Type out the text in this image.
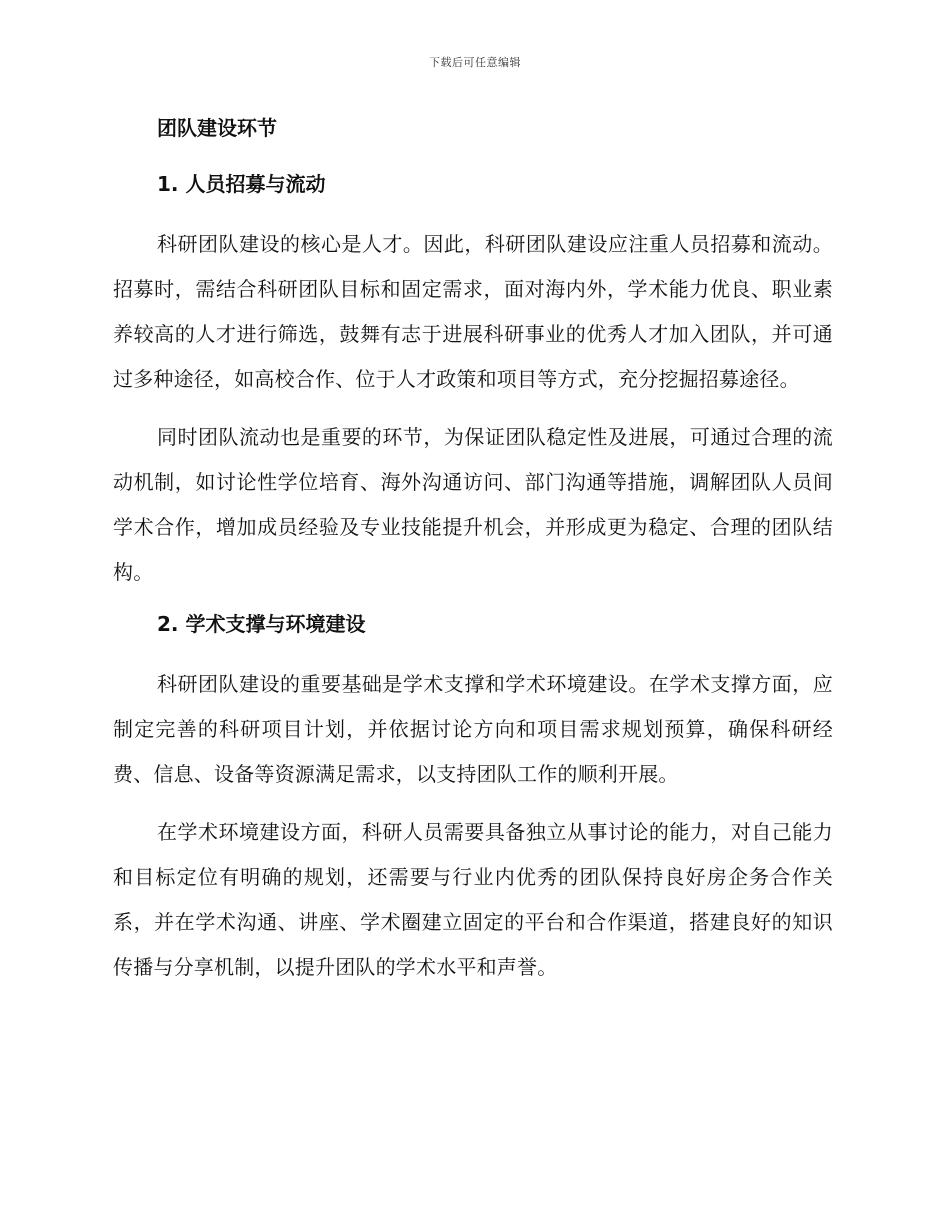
下载后可任意编辑
团队建设环节
1. 人员招募与流动

科研团队建设的核心是人才。因此，科研团队建设应注重人员招募和流动。招募时，需结合科研团队目标和固定需求，面对海内外，学术能力优良、职业素养较高的人才进行筛选，鼓舞有志于进展科研事业的优秀人才加入团队，并可通过多种途径，如高校合作、位于人才政策和项目等方式，充分挖掘招募途径。

同时团队流动也是重要的环节，为保证团队稳定性及进展，可通过合理的流动机制，如讨论性学位培育、海外沟通访问、部门沟通等措施，调解团队人员间学术合作，增加成员经验及专业技能提升机会，并形成更为稳定、合理的团队结构。

2. 学术支撑与环境建设

科研团队建设的重要基础是学术支撑和学术环境建设。在学术支撑方面，应制定完善的科研项目计划，并依据讨论方向和项目需求规划预算，确保科研经费、信息、设备等资源满足需求，以支持团队工作的顺利开展。

在学术环境建设方面，科研人员需要具备独立从事讨论的能力，对自己能力和目标定位有明确的规划，还需要与行业内优秀的团队保持良好房企务合作关系，并在学术沟通、讲座、学术圈建立固定的平台和合作渠道，搭建良好的知识传播与分享机制，以提升团队的学术水平和声誉。
